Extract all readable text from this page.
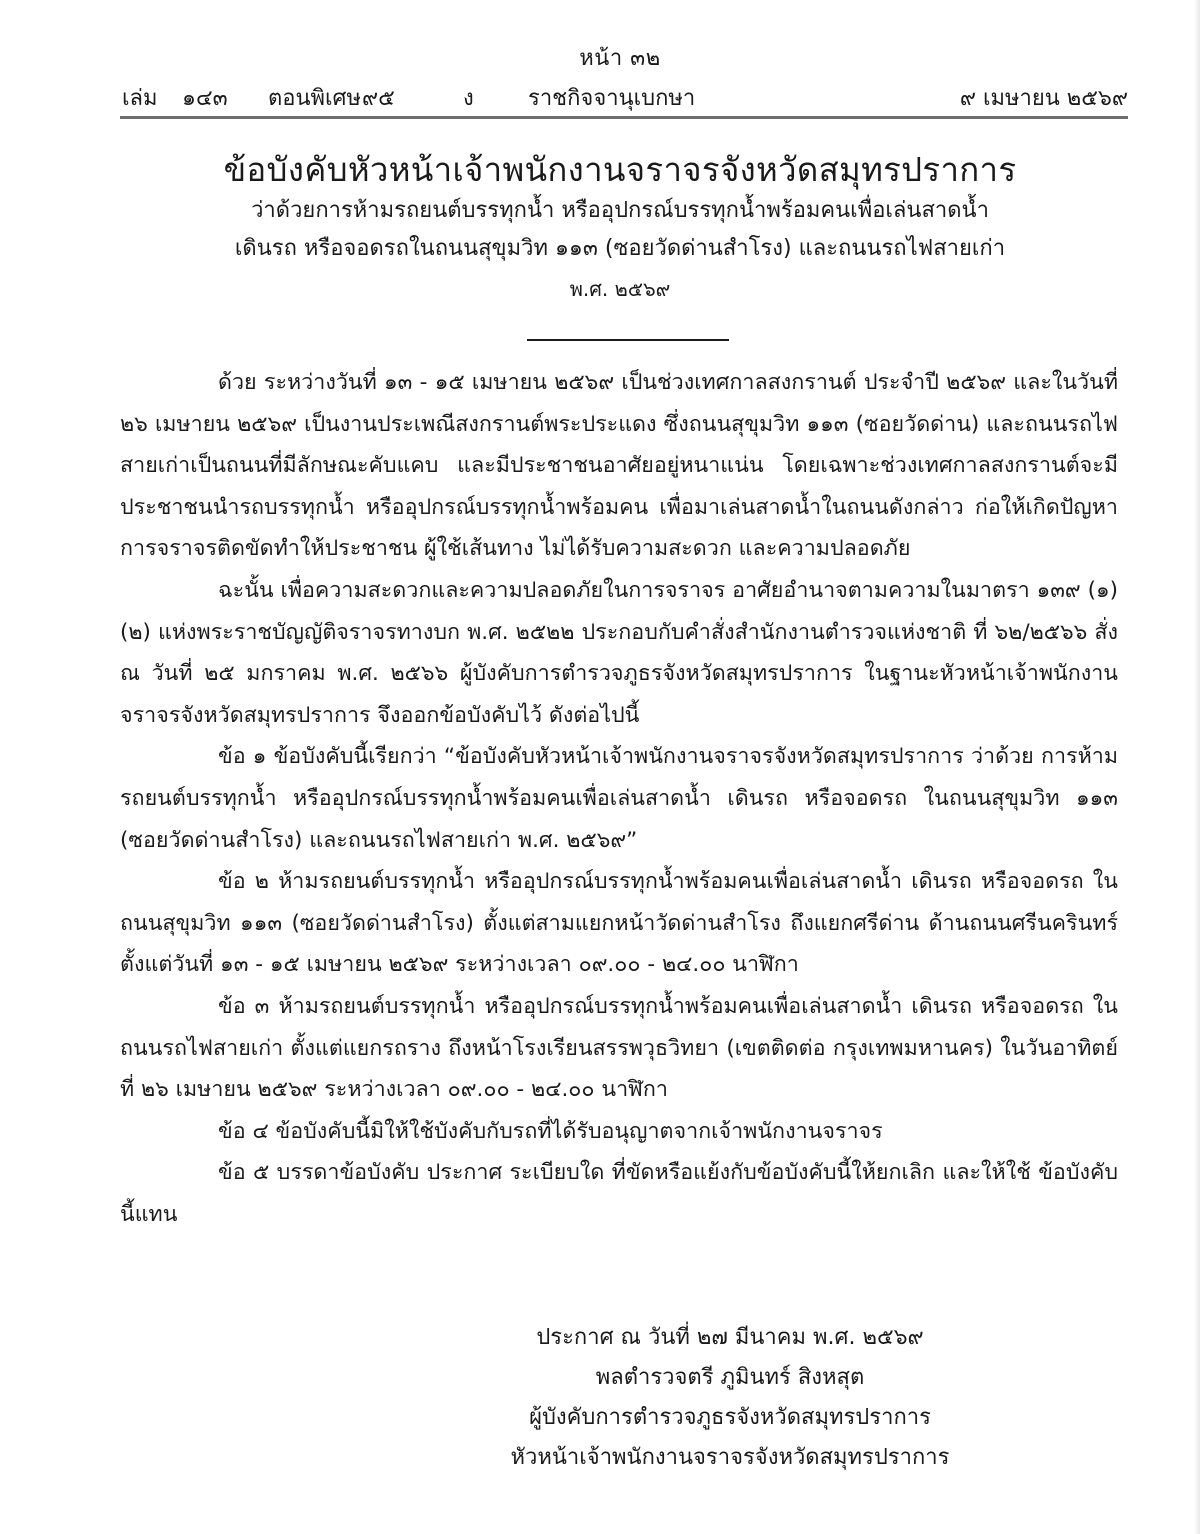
หน้า ๓๒
เล่ม ๑๔๓ ตอนพิเศษ ๙๕	ง ราชกิจจานุเบกษา	๙ เมษายน ๒๕๖๙
ข้อบังคับหัวหน้าเจ้าพนักงานจราจรจังหวัดสมุทรปราการ
ว่าด้วยการห้ามรถยนต์บรรทุกน้ำ หรืออุปกรณ์บรรทุกน้ำพร้อมคนเพื่อเล่นสาดน้ำ
เดินรถ หรือจอดรถในถนนสุขุมวิท ๑๑๓ (ซอยวัดด่านสำโรง) และถนนรถไฟสายเก่า
พ.ศ. ๒๕๖๙

ด้วย ระหว่างวันที่ ๑๓ - ๑๕ เมษายน ๒๕๖๙ เป็นช่วงเทศกาลสงกรานต์ ประจำปี ๒๕๖๙ และในวันที่ ๒๖ เมษายน ๒๕๖๙ เป็นงานประเพณีสงกรานต์พระประแดง ซึ่งถนนสุขุมวิท ๑๑๓ (ซอยวัดด่าน) และถนนรถไฟสายเก่าเป็นถนนที่มีลักษณะคับแคบ และมีประชาชนอาศัยอยู่หนาแน่น โดยเฉพาะช่วงเทศกาลสงกรานต์จะมีประชาชนนำรถบรรทุกน้ำ หรืออุปกรณ์บรรทุกน้ำพร้อมคน เพื่อมาเล่นสาดน้ำในถนนดังกล่าว ก่อให้เกิดปัญหาการจราจรติดขัดทำให้ประชาชน ผู้ใช้เส้นทาง ไม่ได้รับความสะดวก และความปลอดภัย

ฉะนั้น เพื่อความสะดวกและความปลอดภัยในการจราจร อาศัยอำนาจตามความในมาตรา ๑๓๙ (๑) (๒) แห่งพระราชบัญญัติจราจรทางบก พ.ศ. ๒๕๒๒ ประกอบกับคำสั่งสำนักงานตำรวจแห่งชาติ ที่ ๖๒/๒๕๖๖ สั่ง ณ วันที่ ๒๕ มกราคม พ.ศ. ๒๕๖๖ ผู้บังคับการตำรวจภูธรจังหวัดสมุทรปราการ ในฐานะหัวหน้าเจ้าพนักงานจราจรจังหวัดสมุทรปราการ จึงออกข้อบังคับไว้ ดังต่อไปนี้

ข้อ ๑ ข้อบังคับนี้เรียกว่า “ข้อบังคับหัวหน้าเจ้าพนักงานจราจรจังหวัดสมุทรปราการ ว่าด้วย การห้ามรถยนต์บรรทุกน้ำ หรืออุปกรณ์บรรทุกน้ำพร้อมคนเพื่อเล่นสาดน้ำ เดินรถ หรือจอดรถ ในถนนสุขุมวิท ๑๑๓ (ซอยวัดด่านสำโรง) และถนนรถไฟสายเก่า พ.ศ. ๒๕๖๙”

ข้อ ๒ ห้ามรถยนต์บรรทุกน้ำ หรืออุปกรณ์บรรทุกน้ำพร้อมคนเพื่อเล่นสาดน้ำ เดินรถ หรือจอดรถ ในถนนสุขุมวิท ๑๑๓ (ซอยวัดด่านสำโรง) ตั้งแต่สามแยกหน้าวัดด่านสำโรง ถึงแยกศรีด่าน ด้านถนนศรีนครินทร์ ตั้งแต่วันที่ ๑๓ - ๑๕ เมษายน ๒๕๖๙ ระหว่างเวลา ๐๙.๐๐ - ๒๔.๐๐ นาฬิกา

ข้อ ๓ ห้ามรถยนต์บรรทุกน้ำ หรืออุปกรณ์บรรทุกน้ำพร้อมคนเพื่อเล่นสาดน้ำ เดินรถ หรือจอดรถ ในถนนรถไฟสายเก่า ตั้งแต่แยกรถราง ถึงหน้าโรงเรียนสรรพวุธวิทยา (เขตติดต่อ กรุงเทพมหานคร) ในวันอาทิตย์ที่ ๒๖ เมษายน ๒๕๖๙ ระหว่างเวลา ๐๙.๐๐ - ๒๔.๐๐ นาฬิกา

ข้อ ๔ ข้อบังคับนี้มิให้ใช้บังคับกับรถที่ได้รับอนุญาตจากเจ้าพนักงานจราจร

ข้อ ๕ บรรดาข้อบังคับ ประกาศ ระเบียบใด ที่ขัดหรือแย้งกับข้อบังคับนี้ให้ยกเลิก และให้ใช้ ข้อบังคับนี้แทน

ประกาศ ณ วันที่ ๒๗ มีนาคม พ.ศ. ๒๕๖๙
พลตำรวจตรี ภูมินทร์ สิงหสุต
ผู้บังคับการตำรวจภูธรจังหวัดสมุทรปราการ
หัวหน้าเจ้าพนักงานจราจรจังหวัดสมุทรปราการ
